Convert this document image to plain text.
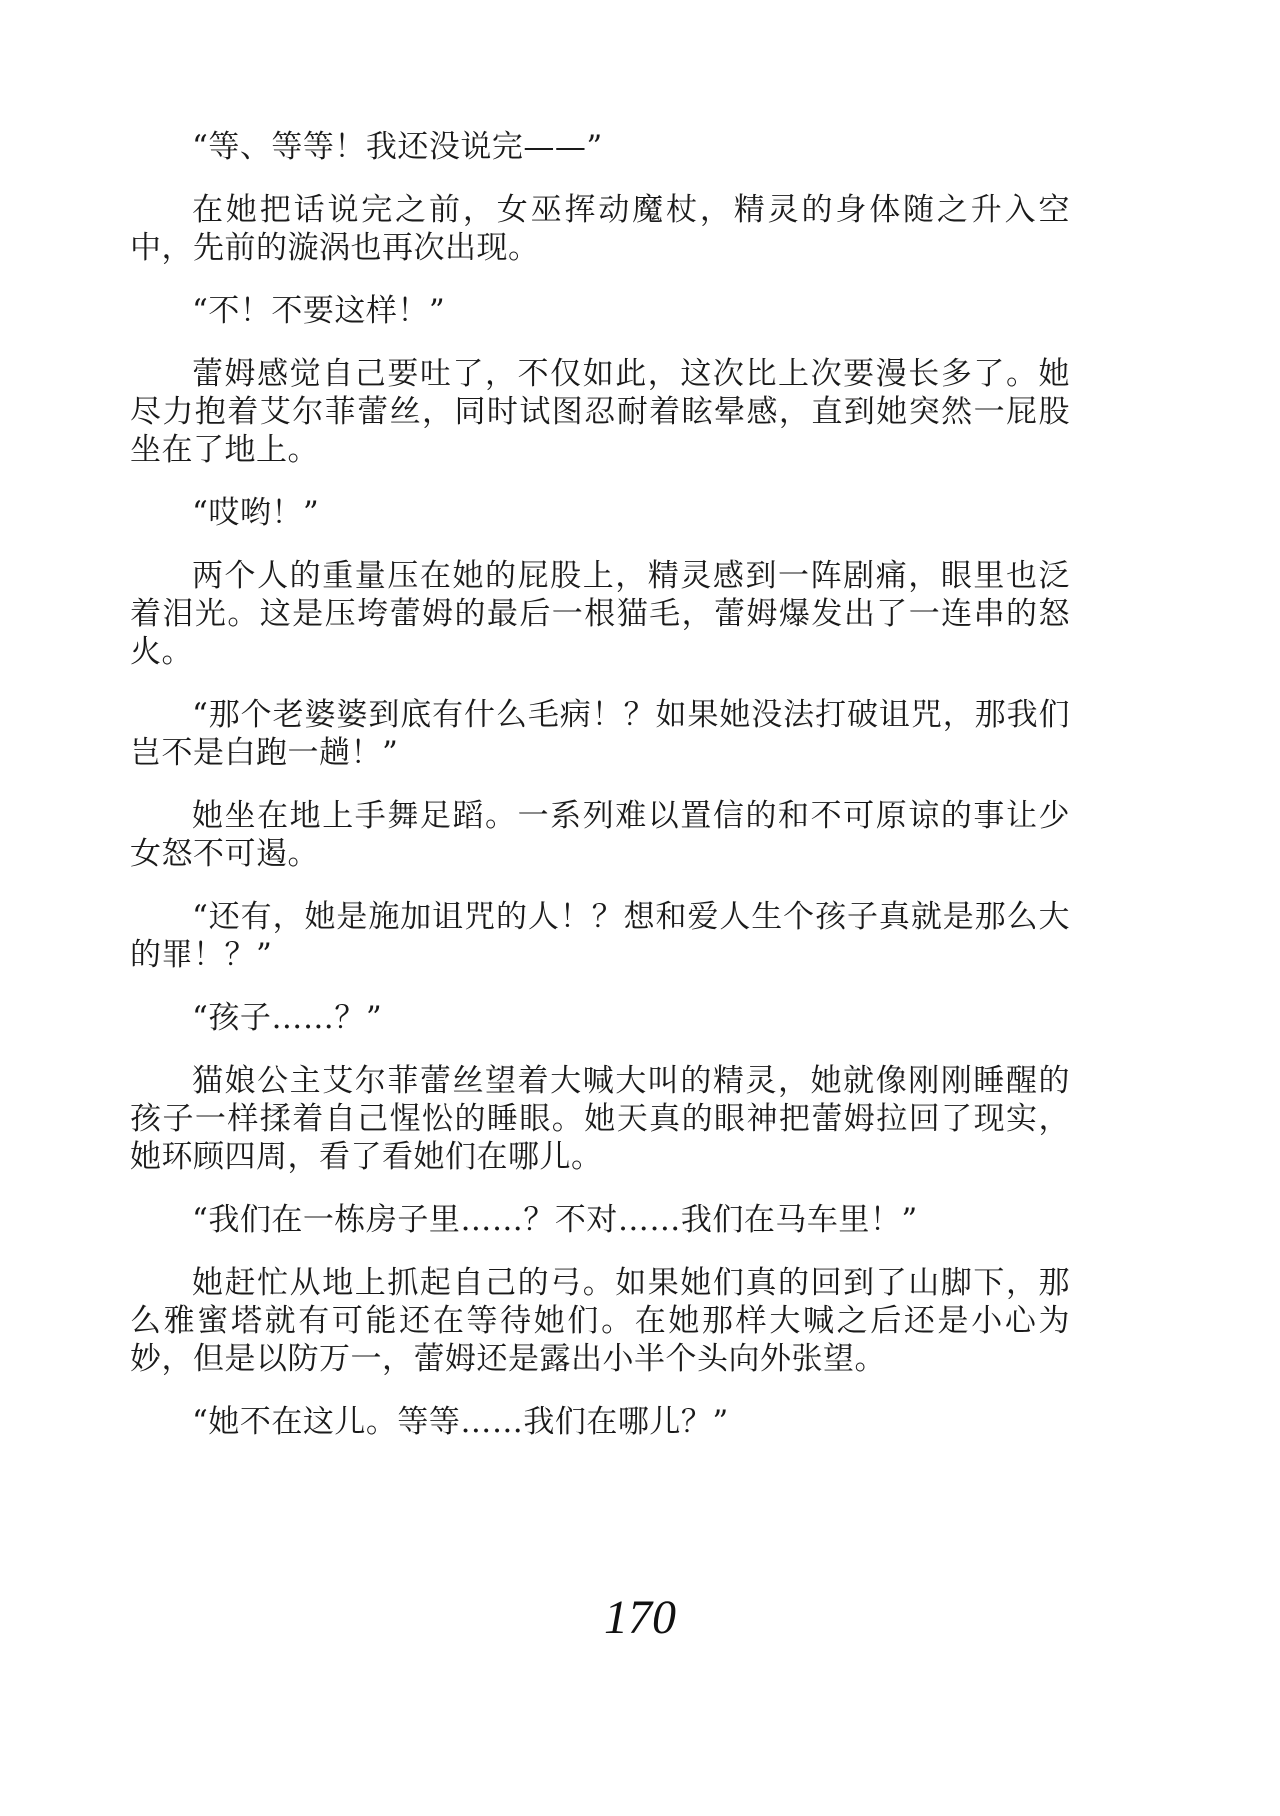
“等、等等！我还没说完——”

在她把话说完之前，女巫挥动魔杖，精灵的身体随之升入空中，先前的漩涡也再次出现。

“不！不要这样！”

蕾姆感觉自己要吐了，不仅如此，这次比上次要漫长多了。她尽力抱着艾尔菲蕾丝，同时试图忍耐着眩晕感，直到她突然一屁股坐在了地上。

“哎哟！”

两个人的重量压在她的屁股上，精灵感到一阵剧痛，眼里也泛着泪光。这是压垮蕾姆的最后一根猫毛，蕾姆爆发出了一连串的怒火。

“那个老婆婆到底有什么毛病！？如果她没法打破诅咒，那我们岂不是白跑一趟！”

她坐在地上手舞足蹈。一系列难以置信的和不可原谅的事让少女怒不可遏。

“还有，她是施加诅咒的人！？想和爱人生个孩子真就是那么大的罪！？”

“孩子……？”

猫娘公主艾尔菲蕾丝望着大喊大叫的精灵，她就像刚刚睡醒的孩子一样揉着自己惺忪的睡眼。她天真的眼神把蕾姆拉回了现实，她环顾四周，看了看她们在哪儿。

“我们在一栋房子里……？不对……我们在马车里！”

她赶忙从地上抓起自己的弓。如果她们真的回到了山脚下，那么雅蜜塔就有可能还在等待她们。在她那样大喊之后还是小心为妙，但是以防万一，蕾姆还是露出小半个头向外张望。

“她不在这儿。等等……我们在哪儿？”

170
